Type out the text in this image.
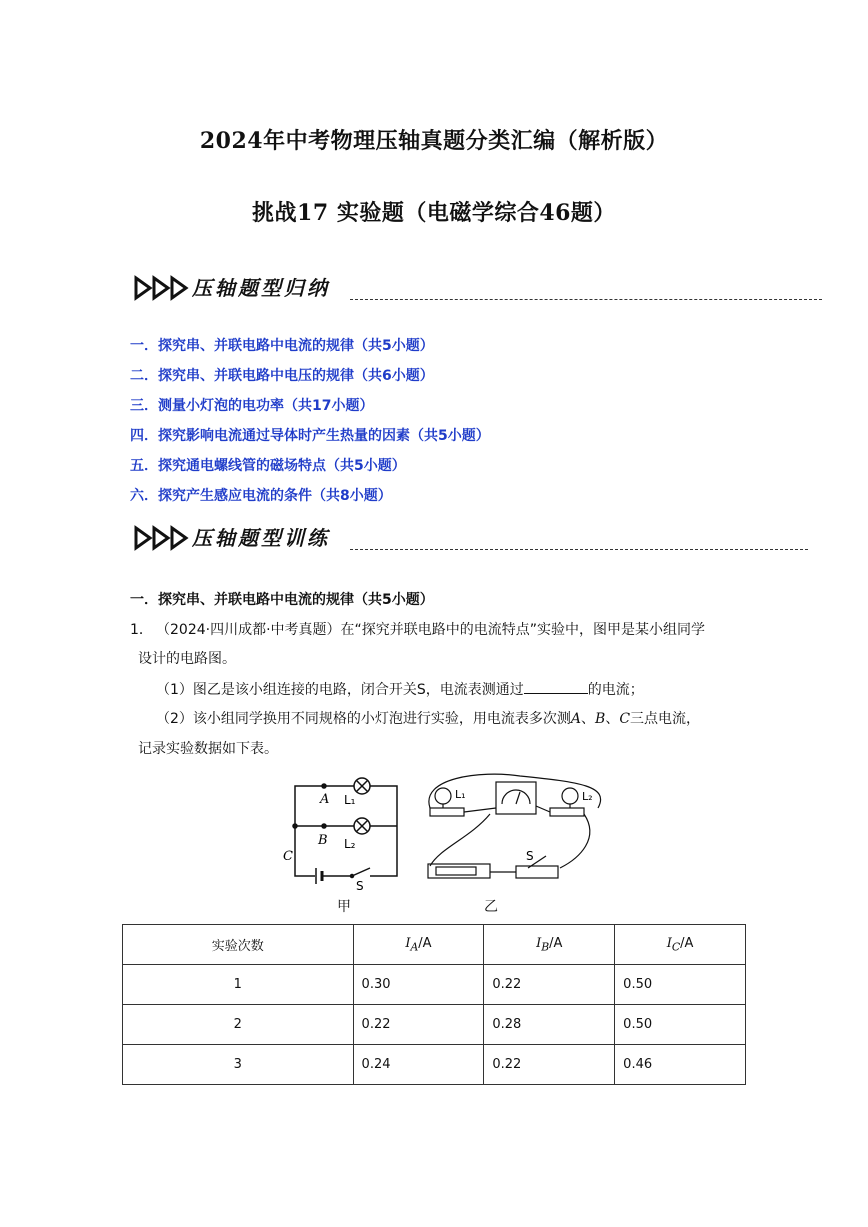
2024年中考物理压轴真题分类汇编（解析版）
挑战17 实验题（电磁学综合46题）
压轴题型归纳
一．探究串、并联电路中电流的规律（共5小题）
二．探究串、并联电路中电压的规律（共6小题）
三．测量小灯泡的电功率（共17小题）
四．探究影响电流通过导体时产生热量的因素（共5小题）
五．探究通电螺线管的磁场特点（共5小题）
六．探究产生感应电流的条件（共8小题）
压轴题型训练
一．探究串、并联电路中电流的规律（共5小题）
1． （2024·四川成都·中考真题）在“探究并联电路中的电流特点”实验中，图甲是某小组同学
设计的电路图。
（1）图乙是该小组连接的电路，闭合开关S，电流表测通过	的电流；
（2）该小组同学换用不同规格的小灯泡进行实验，用电流表多次测A、B、C三点电流，
记录实验数据如下表。
A
B
C
L₁
L₂
S
L₁	L₂
S
甲	乙
实验次数	$I_A/A$	$I_B/A$	$I_C/A$
1	0.30	0.22	0.50
2	0.22	0.28	0.50
3	0.24	0.22	0.46
